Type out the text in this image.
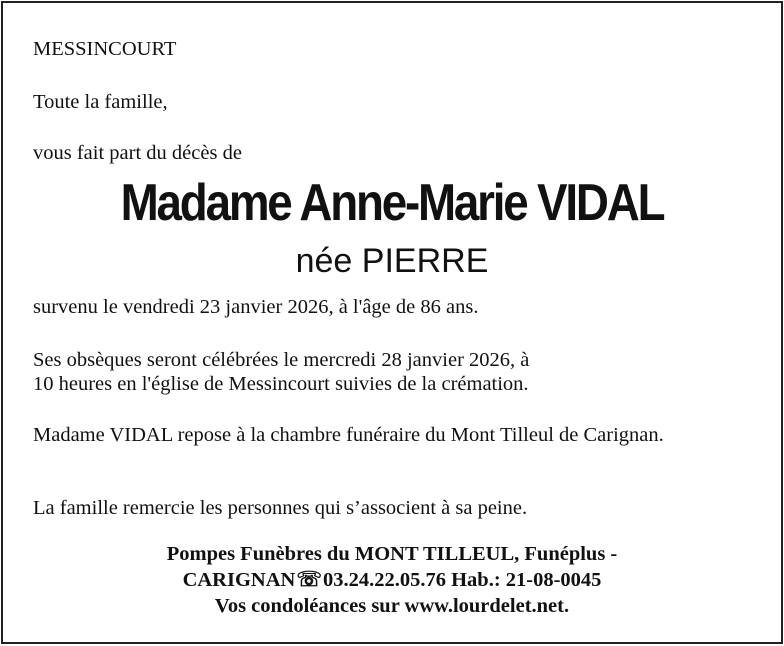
MESSINCOURT
Toute la famille,
vous fait part du décès de
Madame Anne-Marie VIDAL
née PIERRE
survenu le vendredi 23 janvier 2026, à l'âge de 86 ans.
Ses obsèques seront célébrées le mercredi 28 janvier 2026, à
10 heures en l'église de Messincourt suivies de la crémation.
Madame VIDAL repose à la chambre funéraire du Mont Tilleul de Carignan.
La famille remercie les personnes qui s’associent à sa peine.
Pompes Funèbres du MONT TILLEUL, Funéplus -
CARIGNAN☏03.24.22.05.76 Hab.: 21-08-0045
Vos condoléances sur www.lourdelet.net.
